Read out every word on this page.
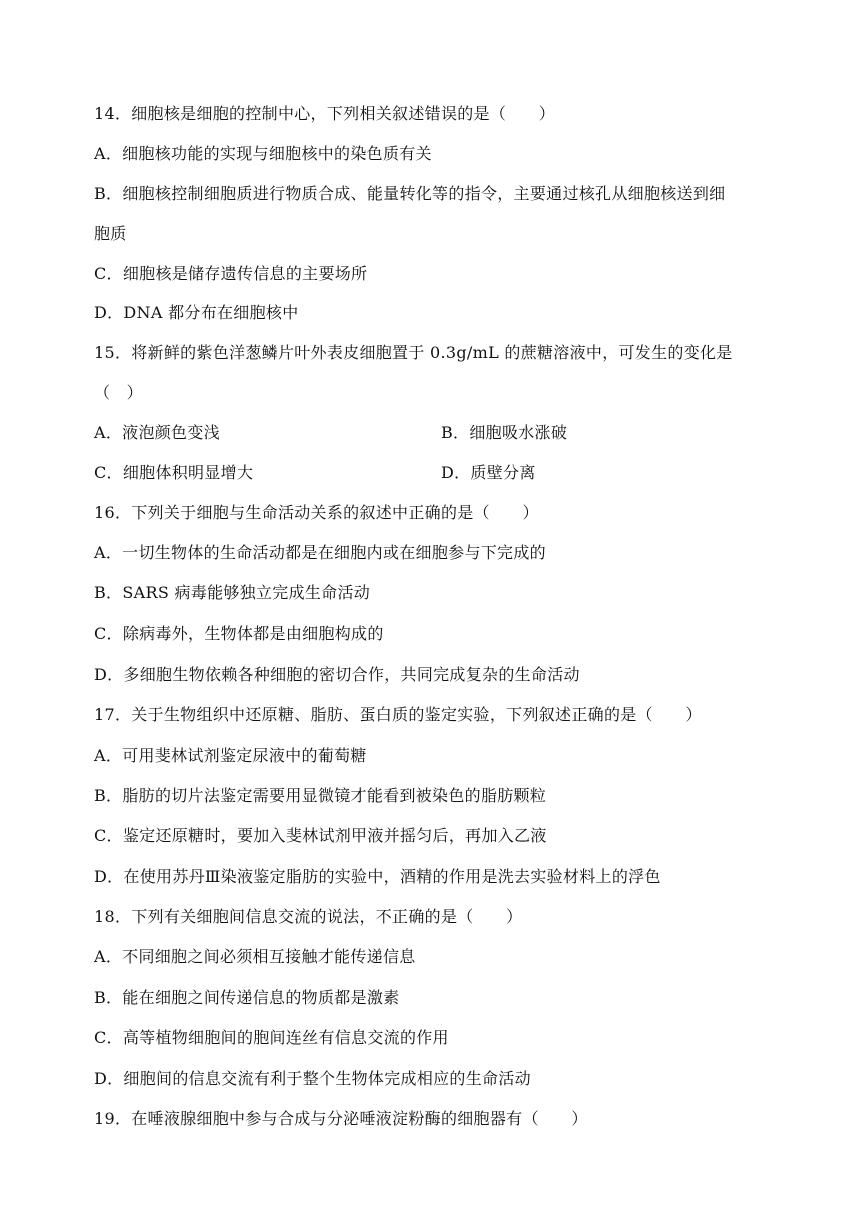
14．细胞核是细胞的控制中心，下列相关叙述错误的是（　　）
A．细胞核功能的实现与细胞核中的染色质有关
B．细胞核控制细胞质进行物质合成、能量转化等的指令，主要通过核孔从细胞核送到细
胞质
C．细胞核是储存遗传信息的主要场所
D．DNA 都分布在细胞核中
15．将新鲜的紫色洋葱鳞片叶外表皮细胞置于 0.3g/mL 的蔗糖溶液中，可发生的变化是
（　）
A．液泡颜色变浅	B．细胞吸水涨破
C．细胞体积明显增大	D．质壁分离
16．下列关于细胞与生命活动关系的叙述中正确的是（　　）
A．一切生物体的生命活动都是在细胞内或在细胞参与下完成的
B．SARS 病毒能够独立完成生命活动
C．除病毒外，生物体都是由细胞构成的
D．多细胞生物依赖各种细胞的密切合作，共同完成复杂的生命活动
17．关于生物组织中还原糖、脂肪、蛋白质的鉴定实验，下列叙述正确的是（　　）
A．可用斐林试剂鉴定尿液中的葡萄糖
B．脂肪的切片法鉴定需要用显微镜才能看到被染色的脂肪颗粒
C．鉴定还原糖时，要加入斐林试剂甲液并摇匀后，再加入乙液
D．在使用苏丹Ⅲ染液鉴定脂肪的实验中，酒精的作用是洗去实验材料上的浮色
18．下列有关细胞间信息交流的说法，不正确的是（　　）
A．不同细胞之间必须相互接触才能传递信息
B．能在细胞之间传递信息的物质都是激素
C．高等植物细胞间的胞间连丝有信息交流的作用
D．细胞间的信息交流有利于整个生物体完成相应的生命活动
19．在唾液腺细胞中参与合成与分泌唾液淀粉酶的细胞器有（　　）
